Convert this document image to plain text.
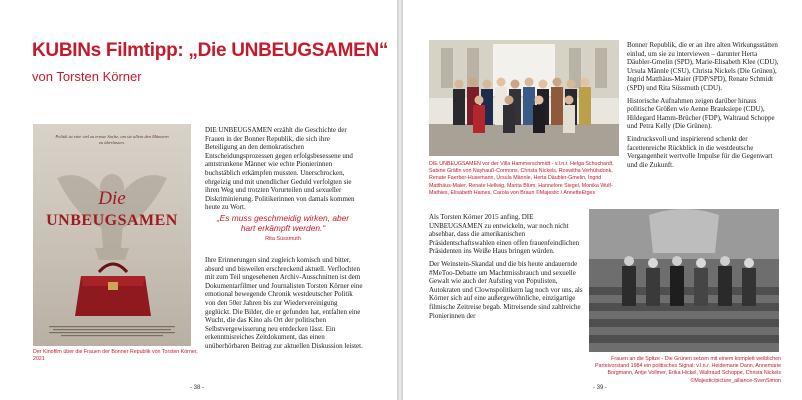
KUBINs Filmtipp: „Die UNBEUGSAMEN“
von Torsten Körner
Politik ist eine viel zu ernste Sache, um sie allein den Männern zu überlassen.
Die
UNBEUGSAMEN
Der Kinofilm über die Frauen der Bonner Republik von Torsten Körner, 2021
DIE UNBEUGSAMEN erzählt die Geschichte der Frauen in der Bonner Republik, die sich ihre Beteiligung an den demokratischen Entscheidungsprozessen gegen erfolgsbesessene und amtstrunkene Männer wie echte Pionierinnen buchstäblich erkämpfen mussten. Unerschrocken, ehrgeizig und mit unendlicher Geduld verfolgten sie ihren Weg und trotzten Vorurteilen und sexueller Diskriminierung. Politikerinnen von damals kommen heute zu Wort.
„Es muss geschmeidig wirken, aber hart erkämpft werden.“
Rita Süssmuth
Ihre Erinnerungen sind zugleich komisch und bitter, absurd und bisweilen erschreckend aktuell. Verflochten mit zum Teil ungesehenen Archiv-Ausschnitten ist dem Dokumentarfilmer und Journalisten Torsten Körner eine emotional bewegende Chronik westdeutscher Politik von den 50er Jahren bis zur Wiedervereinigung geglückt. Die Bilder, die er gefunden hat, entfalten eine Wucht, die das Kino als Ort der politischen Selbstvergewisserung neu entdecken lässt. Ein erkenntnisreiches Zeitdokument, das einen unüberhörbaren Beitrag zur aktuellen Diskussion leistet.
- 38 -
DIE UNBEUGSAMEN vor der Villa Hammerschmidt - v.l.n.r. Helga Schuchardt, Sabine Gräfin von Nayhauß-Cormons, Christa Nickels, Roswitha Verhülsdonk, Renate Faerber-Husemann, Ursula Männle, Herta Däubler-Gmelin, Ingrid Matthäus-Maier, Renate Hellwig, Marita Blüm, Hannelore Siegel, Monika Wulf-Mathies, Elisabeth Haines, Carola von Braun ©Majestic / AnnetteEtges

Bonner Republik, die er an ihre alten Wirkungsstätten einlud, um sie zu interviewen – darunter Herta Däubler-Gmelin (SPD), Marie-Elisabeth Klee (CDU), Ursula Männle (CSU), Christa Nickels (Die Grünen), Ingrid Matthäus-Maier (FDP/SPD), Renate Schmidt (SPD) und Rita Süssmuth (CDU).

Historische Aufnahmen zeigen darüber hinaus politische Größen wie Aenne Brauksiepe (CDU), Hildegard Hamm-Brücher (FDP), Waltraud Schoppe und Petra Kelly (Die Grünen).

Eindrucksvoll und inspirierend schenkt der facettenreiche Rückblick in die westdeutsche Vergangenheit wertvolle Impulse für die Gegenwart und die Zukunft.

Als Torsten Körner 2015 anfing, DIE UNBEUGSAMEN zu entwickeln, war noch nicht absehbar, dass die amerikanischen Präsidentschaftswahlen einen offen frauenfeindlichen Präsidenten ins Weiße Haus bringen würden.

Der Weinstein-Skandal und die bis heute andauernde #MeToo-Debatte um Machtmissbrauch und sexuelle Gewalt wie auch der Aufstieg von Populisten, Autokraten und Clownspolitikern lag noch vor uns, als Körner sich auf eine außergewöhnliche, einzigartige filmische Zeitreise begab. Mitreisende sind zahlreiche Pionierinnen der

Frauen an die Spitze - Die Grünen setzen mit einem komplett weiblichen Parteivorstand 1984 ein politisches Signal: v.l.n.r. Heidemarie Dann, Annemarie Borgmann, Antje Vollmer, Erika Hickel, Waltraud Schoppe, Christa Nickels ©Majestic/picture_alliance-SvenSimon
- 39 -
